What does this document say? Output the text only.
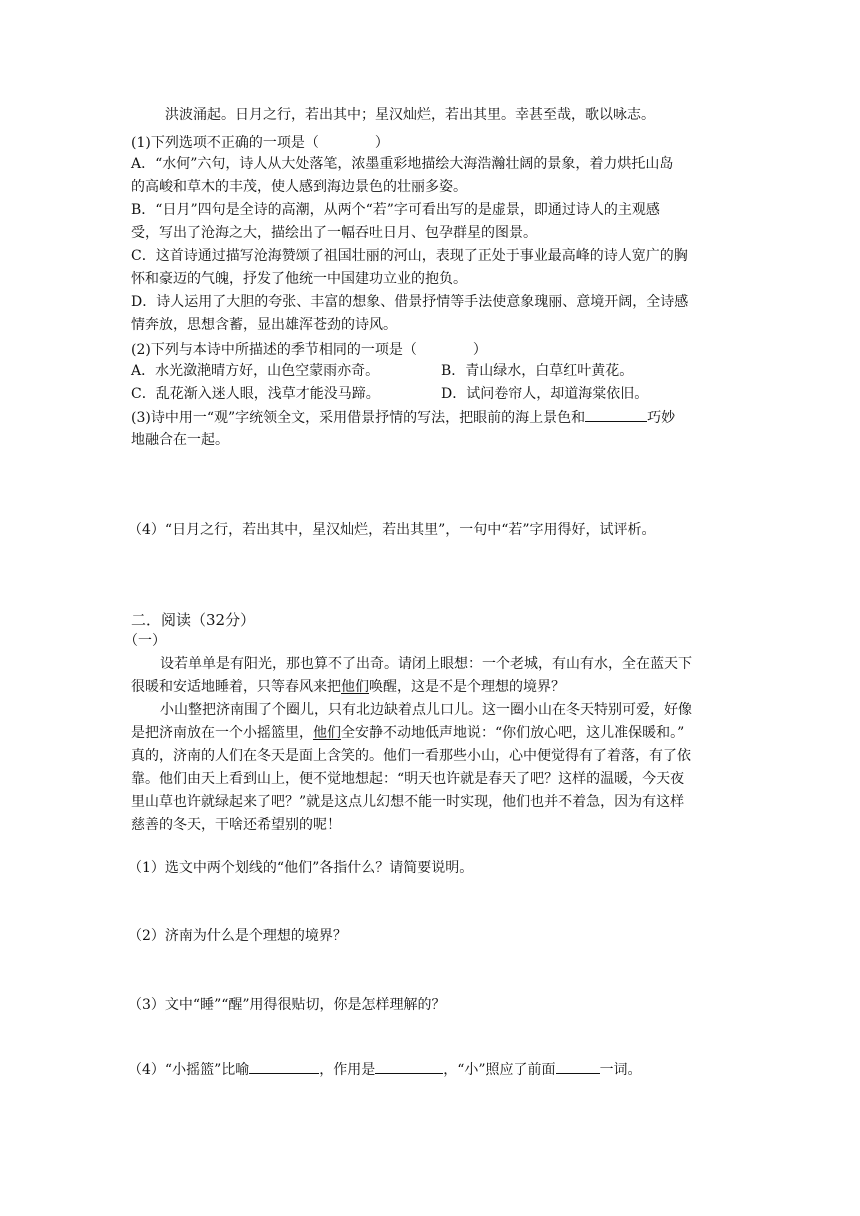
洪波涌起。日月之行，若出其中；星汉灿烂，若出其里。幸甚至哉，歌以咏志。
(1)下列选项不正确的一项是（　　　　）
A．“水何”六句，诗人从大处落笔，浓墨重彩地描绘大海浩瀚壮阔的景象，着力烘托山岛
的高峻和草木的丰茂，使人感到海边景色的壮丽多姿。
B．“日月”四句是全诗的高潮，从两个“若”字可看出写的是虚景，即通过诗人的主观感
受，写出了沧海之大，描绘出了一幅吞吐日月、包孕群星的图景。
C．这首诗通过描写沧海赞颂了祖国壮丽的河山，表现了正处于事业最高峰的诗人宽广的胸
怀和豪迈的气魄，抒发了他统一中国建功立业的抱负。
D．诗人运用了大胆的夸张、丰富的想象、借景抒情等手法使意象瑰丽、意境开阔，全诗感
情奔放，思想含蓄，显出雄浑苍劲的诗风。
(2)下列与本诗中所描述的季节相同的一项是（　　　　）
A．水光潋滟晴方好，山色空蒙雨亦奇。	B．青山绿水，白草红叶黄花。
C．乱花渐入迷人眼，浅草才能没马蹄。	D．试问卷帘人，却道海棠依旧。
(3)诗中用一“观”字统领全文，采用借景抒情的写法，把眼前的海上景色和	巧妙
地融合在一起。
（4）“日月之行，若出其中，星汉灿烂，若出其里”，一句中“若”字用得好，试评析。
二．阅读（32分）
（一）
设若单单是有阳光，那也算不了出奇。请闭上眼想：一个老城，有山有水，全在蓝天下
很暖和安适地睡着，只等春风来把他们唤醒，这是不是个理想的境界？
小山整把济南围了个圈儿，只有北边缺着点儿口儿。这一圈小山在冬天特别可爱，好像
是把济南放在一个小摇篮里，他们全安静不动地低声地说：“你们放心吧，这儿准保暖和。”
真的，济南的人们在冬天是面上含笑的。他们一看那些小山，心中便觉得有了着落，有了依
靠。他们由天上看到山上，便不觉地想起：“明天也许就是春天了吧？这样的温暖，今天夜
里山草也许就绿起来了吧？”就是这点儿幻想不能一时实现，他们也并不着急，因为有这样
慈善的冬天，干啥还希望别的呢！
（1）选文中两个划线的“他们”各指什么？请简要说明。
（2）济南为什么是个理想的境界？
（3）文中“睡”“醒”用得很贴切，你是怎样理解的？
（4）“小摇篮”比喻	，作用是	，“小”照应了前面	一词。
